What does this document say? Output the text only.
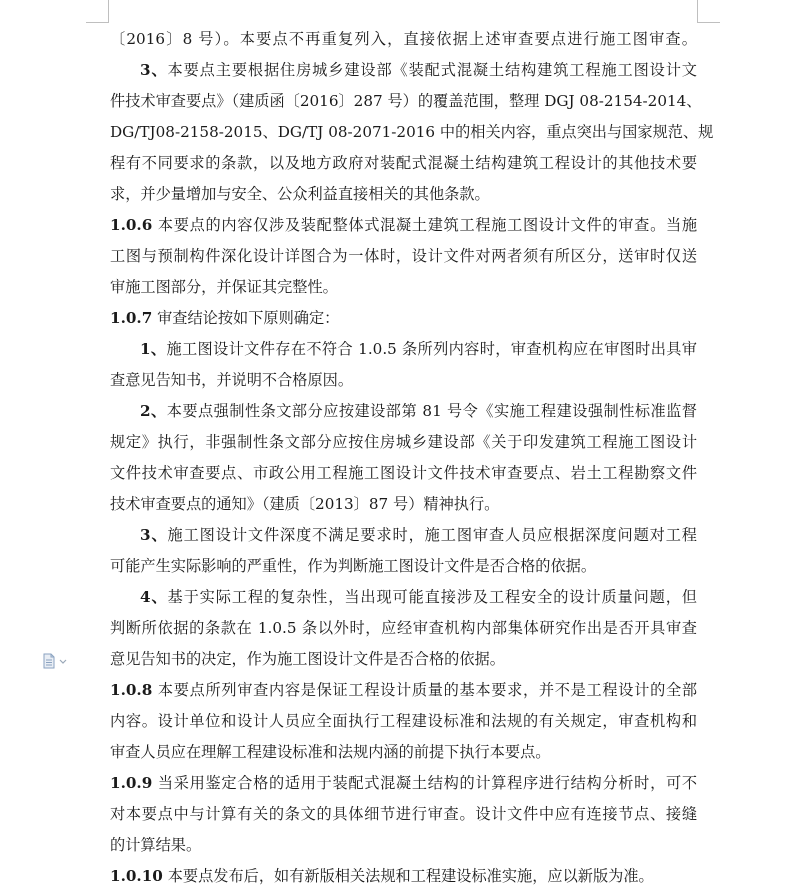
〔2016〕8 号）。本要点不再重复列入，直接依据上述审查要点进行施工图审查。
3、本要点主要根据住房城乡建设部《装配式混凝土结构建筑工程施工图设计文
件技术审查要点》（建质函〔2016〕287 号）的覆盖范围，整理 DGJ 08-2154-2014、
DG/TJ08-2158-2015、DG/TJ 08-2071-2016 中的相关内容，重点突出与国家规范、规
程有不同要求的条款，以及地方政府对装配式混凝土结构建筑工程设计的其他技术要
求，并少量增加与安全、公众利益直接相关的其他条款。
1.0.6 本要点的内容仅涉及装配整体式混凝土建筑工程施工图设计文件的审查。当施
工图与预制构件深化设计详图合为一体时，设计文件对两者须有所区分，送审时仅送
审施工图部分，并保证其完整性。
1.0.7 审查结论按如下原则确定：
1、施工图设计文件存在不符合 1.0.5 条所列内容时，审查机构应在审图时出具审
查意见告知书，并说明不合格原因。
2、本要点强制性条文部分应按建设部第 81 号令《实施工程建设强制性标准监督
规定》执行，非强制性条文部分应按住房城乡建设部《关于印发建筑工程施工图设计
文件技术审查要点、市政公用工程施工图设计文件技术审查要点、岩土工程勘察文件
技术审查要点的通知》（建质〔2013〕87 号）精神执行。
3、施工图设计文件深度不满足要求时，施工图审查人员应根据深度问题对工程
可能产生实际影响的严重性，作为判断施工图设计文件是否合格的依据。
4、基于实际工程的复杂性，当出现可能直接涉及工程安全的设计质量问题，但
判断所依据的条款在 1.0.5 条以外时，应经审查机构内部集体研究作出是否开具审查
意见告知书的决定，作为施工图设计文件是否合格的依据。
1.0.8 本要点所列审查内容是保证工程设计质量的基本要求，并不是工程设计的全部
内容。设计单位和设计人员应全面执行工程建设标准和法规的有关规定，审查机构和
审查人员应在理解工程建设标准和法规内涵的前提下执行本要点。
1.0.9 当采用鉴定合格的适用于装配式混凝土结构的计算程序进行结构分析时，可不
对本要点中与计算有关的条文的具体细节进行审查。设计文件中应有连接节点、接缝
的计算结果。
1.0.10 本要点发布后，如有新版相关法规和工程建设标准实施，应以新版为准。
